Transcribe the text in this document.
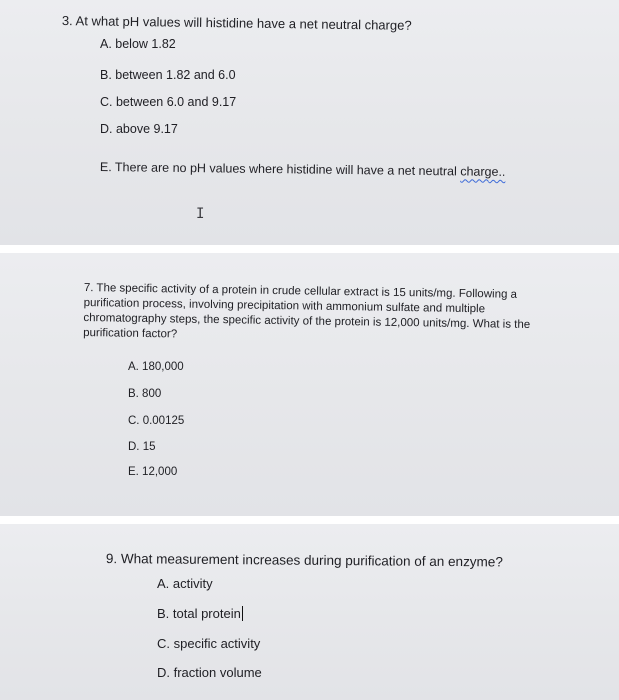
3. At what pH values will histidine have a net neutral charge?

A. below 1.82

B. between 1.82 and 6.0

C. between 6.0 and 9.17

D. above 9.17

E. There are no pH values where histidine will have a net neutral charge..

I

7. The specific activity of a protein in crude cellular extract is 15 units/mg. Following a
purification process, involving precipitation with ammonium sulfate and multiple
chromatography steps, the specific activity of the protein is 12,000 units/mg. What is the
purification factor?

A. 180,000

B. 800

C. 0.00125

D. 15

E. 12,000

9. What measurement increases during purification of an enzyme?

A. activity

B. total protein

C. specific activity

D. fraction volume
